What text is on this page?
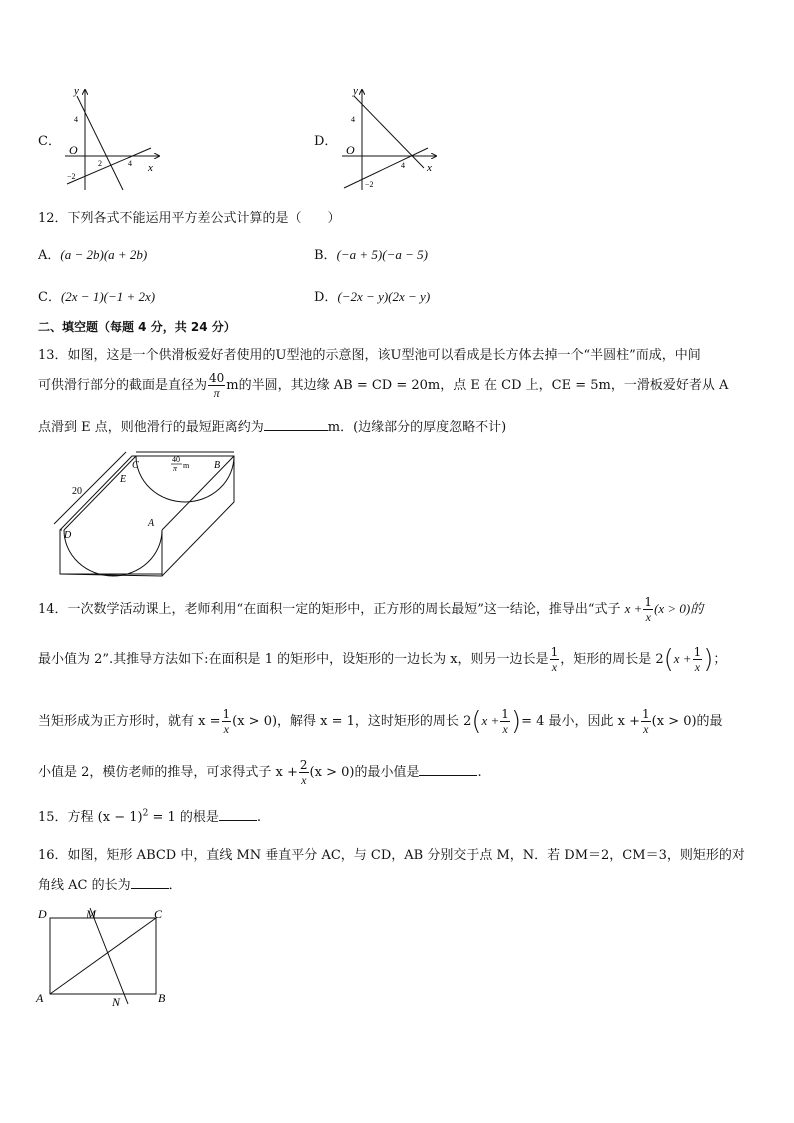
C．
y
O
x
4
2	4
−2
D．
y
O
x
4
4
−2
12．下列各式不能运用平方差公式计算的是（　　）
A．(a − 2b)(a + 2b)	B．(−a + 5)(−a − 5)
C．(2x − 1)(−1 + 2x)	D．(−2x − y)(2x − y)
二、填空题（每题 4 分，共 24 分）
13．如图，这是一个供滑板爱好者使用的U型池的示意图，该U型池可以看成是长方体去掉一个“半圆柱”而成，中间
可供滑行部分的截面是直径为 $\frac{40}{\pi}$ m的半圆，其边缘 AB = CD = 20m，点 E 在 CD 上，CE = 5m，一滑板爱好者从 A
点滑到 E 点，则他滑行的最短距离约为	m．(边缘部分的厚度忽略不计)
C	B
E
A
D
20
40
π m
14．一次数学活动课上，老师利用“在面积一定的矩形中，正方形的周长最短”这一结论，推导出“式子 $x + \frac{1}{x} (x > 0)$的
最小值为 2”.其推导方法如下:在面积是 1 的矩形中，设矩形的一边长为 x，则另一边长是 $\frac{1}{x}$ ，矩形的周长是 $2(x + \frac{1}{x}$ )；
当矩形成为正方形时，就有 $x = \frac{1}{x} (x > 0)$，解得 x = 1，这时矩形的周长 $2(x + \frac{1}{x}$ )= 4 最小，因此 $x + \frac{1}{x} (x > 0)$的最
小值是 2，模仿老师的推导，可求得式子 $x + \frac{2}{x} (x > 0)$的最小值是	.
15．方程 $(x - 1)^2 = 1$ 的根是	.
16．如图，矩形 ABCD 中，直线 MN 垂直平分 AC，与 CD，AB 分别交于点 M，N．若 DM＝2，CM＝3，则矩形的对
角线 AC 的长为	．
D	M	C
A	N	B
